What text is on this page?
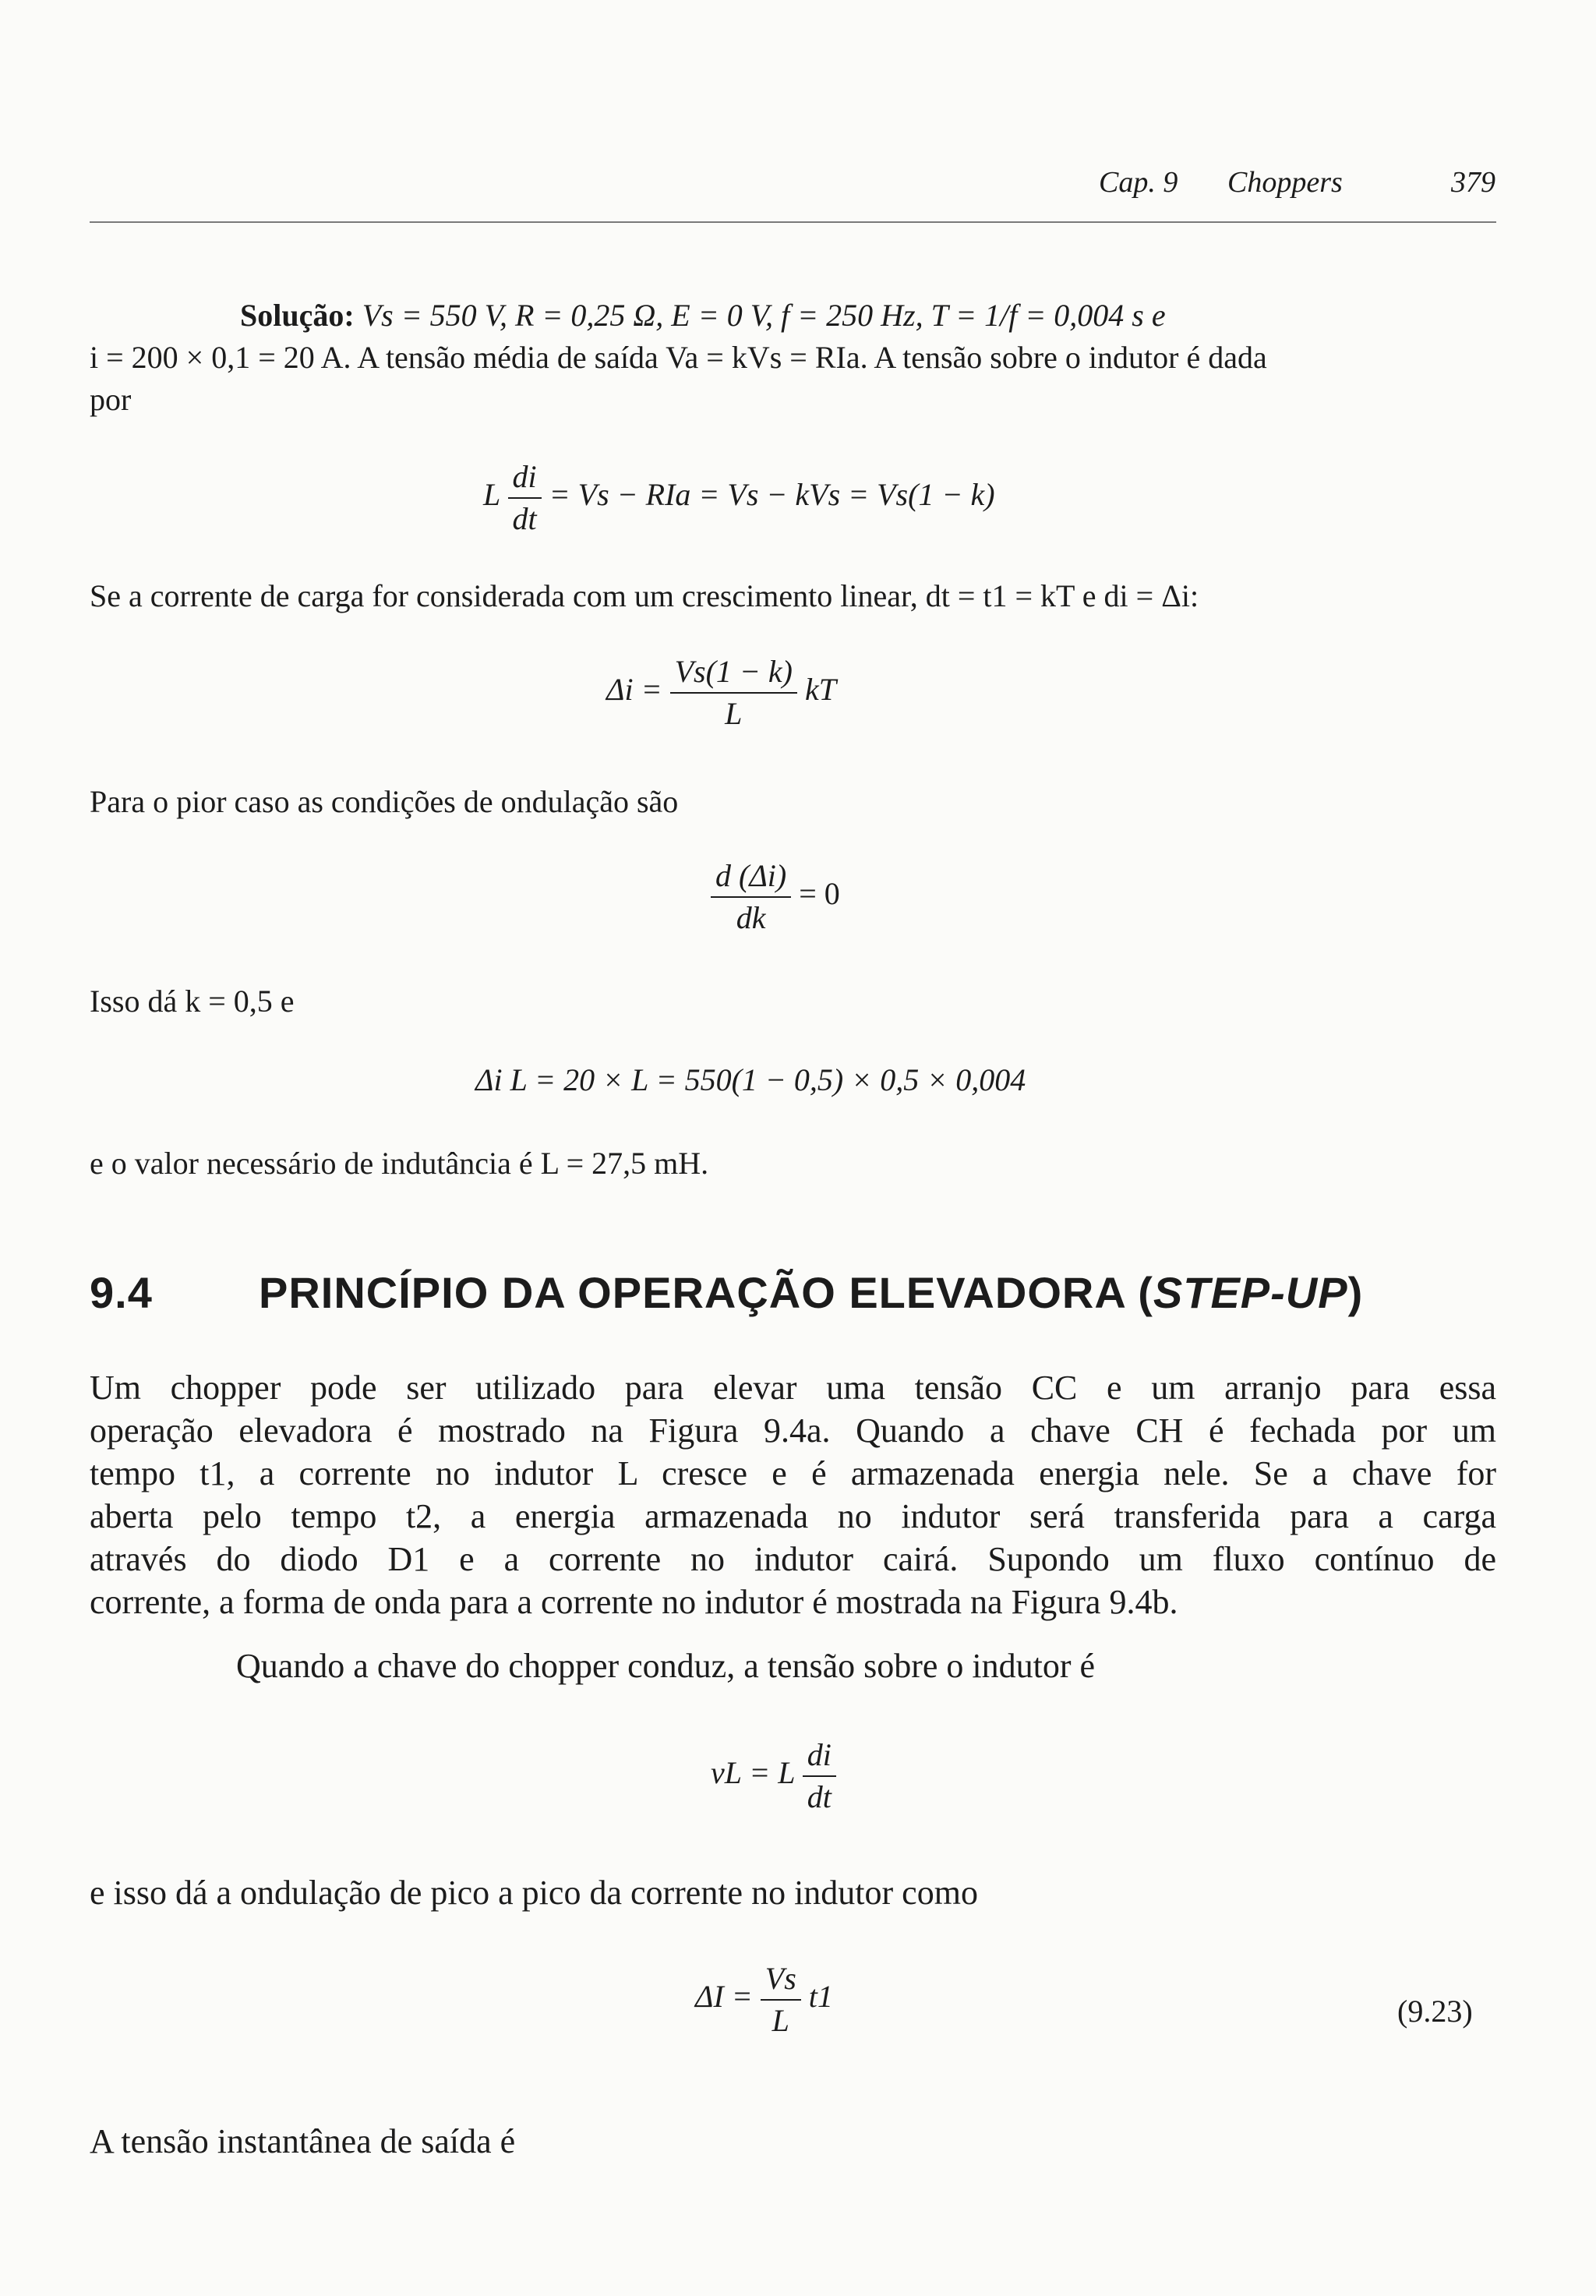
Cap. 9 Choppers	379
Solução: Vs = 550 V, R = 0,25 Ω, E = 0 V, f = 250 Hz, T = 1/f = 0,004 s e
i = 200 × 0,1 = 20 A. A tensão média de saída Va = kVs = RIa. A tensão sobre o indutor é dada
por
L $\frac{di}{dt} = Vs$ − RIa = Vs − kVs = Vs(1 − k)
Se a corrente de carga for considerada com um crescimento linear, dt = t1 = kT e di = Δi:
$\Delta i = \frac{Vs(1 - k)}{L}$ kT
Para o pior caso as condições de ondulação são
$\frac{d (\Delta i)}{dk} = 0$
Isso dá k = 0,5 e
Δi L = 20 × L = 550(1 − 0,5) × 0,5 × 0,004
e o valor necessário de indutância é L = 27,5 mH.
9.4 PRINCÍPIO DA OPERAÇÃO ELEVADORA (STEP-UP)
Um chopper pode ser utilizado para elevar uma tensão CC e um arranjo para essa
operação elevadora é mostrado na Figura 9.4a. Quando a chave CH é fechada por um
tempo t1, a corrente no indutor L cresce e é armazenada energia nele. Se a chave for
aberta pelo tempo t2, a energia armazenada no indutor será transferida para a carga
através do diodo D1 e a corrente no indutor cairá. Supondo um fluxo contínuo de
corrente, a forma de onda para a corrente no indutor é mostrada na Figura 9.4b.
Quando a chave do chopper conduz, a tensão sobre o indutor é
vL = L $\frac{di}{dt}$
e isso dá a ondulação de pico a pico da corrente no indutor como
$\Delta I = \frac{Vs}{L} t1$	(9.23)
A tensão instantânea de saída é
